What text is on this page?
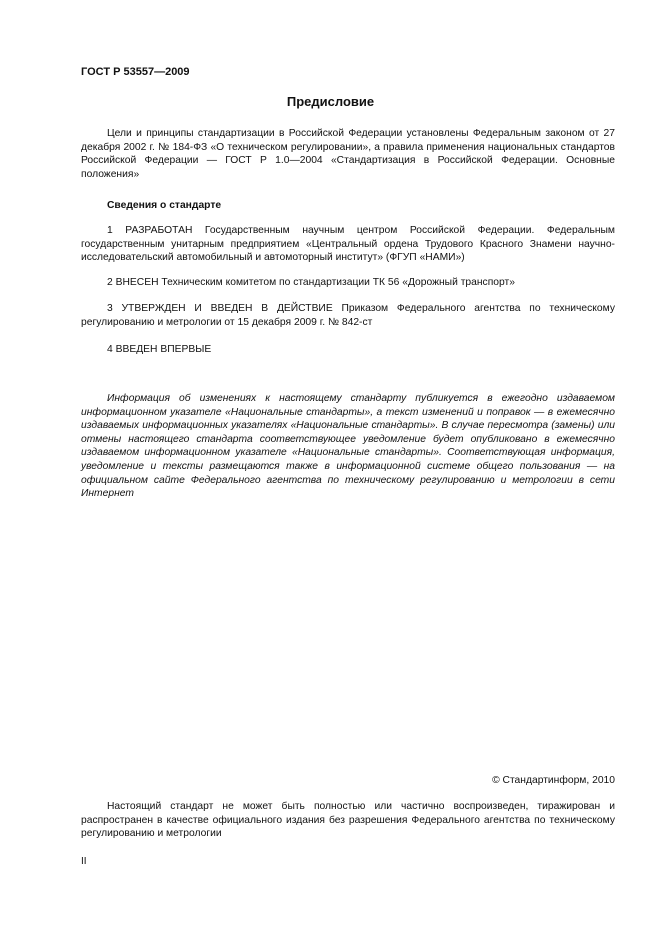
ГОСТ Р 53557—2009
Предисловие
Цели и принципы стандартизации в Российской Федерации установлены Федеральным законом от 27 декабря 2002 г. № 184-ФЗ «О техническом регулировании», а правила применения национальных стандартов Российской Федерации — ГОСТ Р 1.0—2004 «Стандартизация в Российской Федерации. Основные положения»
Сведения о стандарте
1 РАЗРАБОТАН Государственным научным центром Российской Федерации. Федеральным государственным унитарным предприятием «Центральный ордена Трудового Красного Знамени научно-исследовательский автомобильный и автомоторный институт» (ФГУП «НАМИ»)
2 ВНЕСЕН Техническим комитетом по стандартизации ТК 56 «Дорожный транспорт»
3 УТВЕРЖДЕН И ВВЕДЕН В ДЕЙСТВИЕ Приказом Федерального агентства по техническому регулированию и метрологии от 15 декабря 2009 г. № 842-ст
4 ВВЕДЕН ВПЕРВЫЕ
Информация об изменениях к настоящему стандарту публикуется в ежегодно издаваемом информационном указателе «Национальные стандарты», а текст изменений и поправок — в ежемесячно издаваемых информационных указателях «Национальные стандарты». В случае пересмотра (замены) или отмены настоящего стандарта соответствующее уведомление будет опубликовано в ежемесячно издаваемом информационном указателе «Национальные стандарты». Соответствующая информация, уведомление и тексты размещаются также в информационной системе общего пользования — на официальном сайте Федерального агентства по техническому регулированию и метрологии в сети Интернет
© Стандартинформ, 2010
Настоящий стандарт не может быть полностью или частично воспроизведен, тиражирован и распространен в качестве официального издания без разрешения Федерального агентства по техническому регулированию и метрологии
II
